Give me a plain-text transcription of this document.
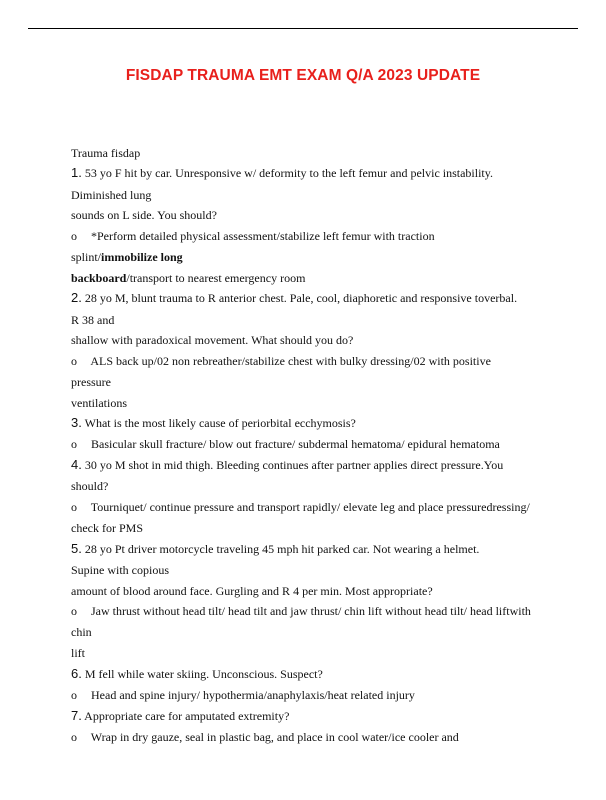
FISDAP TRAUMA EMT EXAM Q/A 2023 UPDATE
Trauma fisdap
1. 53 yo F hit by car. Unresponsive w/ deformity to the left femur and pelvic instability.
Diminished lung
sounds on L side. You should?
o *Perform detailed physical assessment/stabilize left femur with traction
splint/immobilize long
backboard/transport to nearest emergency room
2. 28 yo M, blunt trauma to R anterior chest. Pale, cool, diaphoretic and responsive toverbal.
R 38 and
shallow with paradoxical movement. What should you do?
o ALS back up/02 non rebreather/stabilize chest with bulky dressing/02 with positive
pressure
ventilations
3. What is the most likely cause of periorbital ecchymosis?
o Basicular skull fracture/ blow out fracture/ subdermal hematoma/ epidural hematoma
4. 30 yo M shot in mid thigh. Bleeding continues after partner applies direct pressure.You
should?
o Tourniquet/ continue pressure and transport rapidly/ elevate leg and place pressuredressing/
check for PMS
5. 28 yo Pt driver motorcycle traveling 45 mph hit parked car. Not wearing a helmet.
Supine with copious
amount of blood around face. Gurgling and R 4 per min. Most appropriate?
o Jaw thrust without head tilt/ head tilt and jaw thrust/ chin lift without head tilt/ head liftwith
chin
lift
6. M fell while water skiing. Unconscious. Suspect?
o Head and spine injury/ hypothermia/anaphylaxis/heat related injury
7. Appropriate care for amputated extremity?
o Wrap in dry gauze, seal in plastic bag, and place in cool water/ice cooler and
